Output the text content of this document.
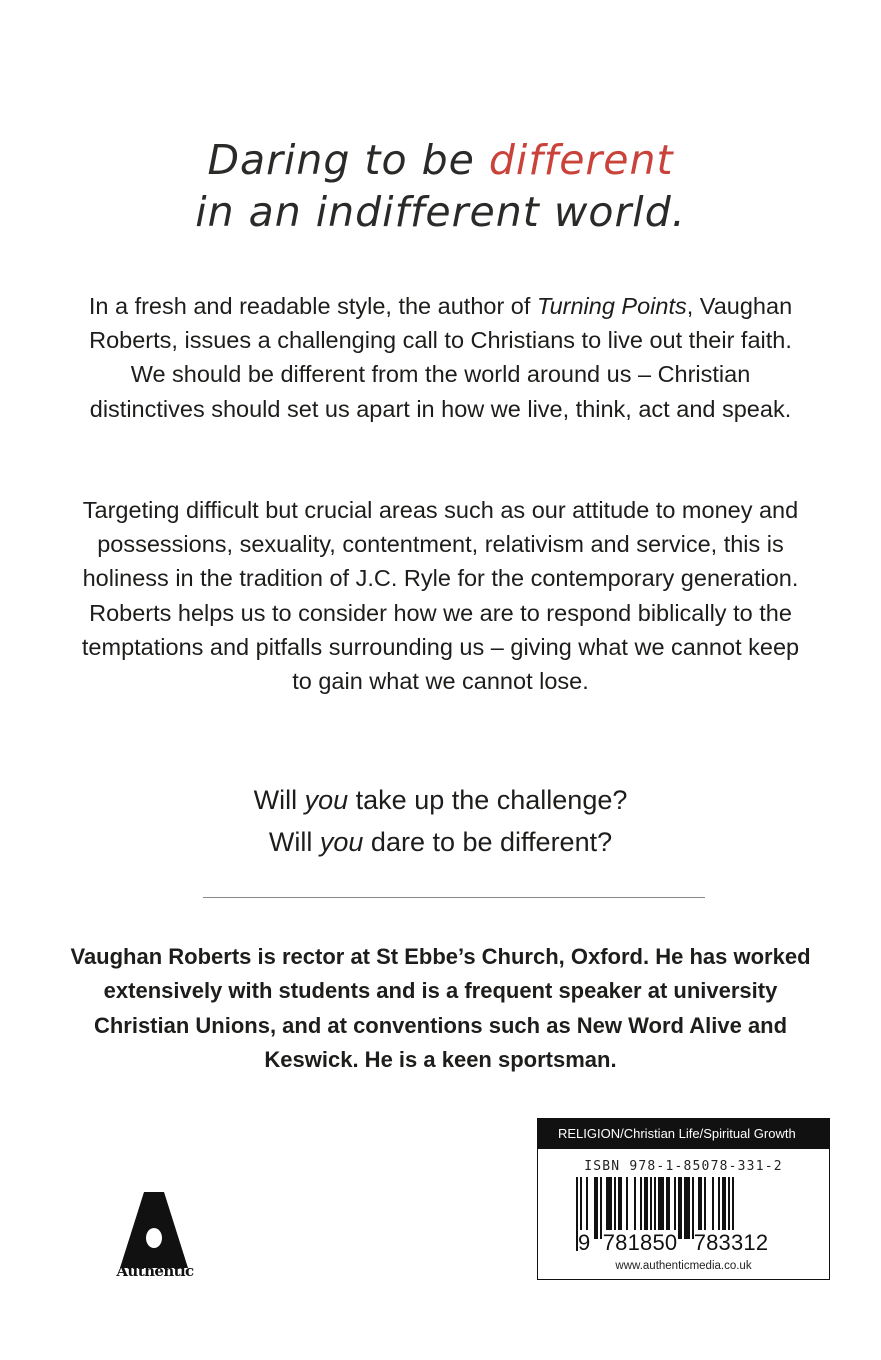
Daring to be different
in an indifferent world.
In a fresh and readable style, the author of Turning Points, Vaughan Roberts, issues a challenging call to Christians to live out their faith. We should be different from the world around us – Christian distinctives should set us apart in how we live, think, act and speak.
Targeting difficult but crucial areas such as our attitude to money and possessions, sexuality, contentment, relativism and service, this is holiness in the tradition of J.C. Ryle for the contemporary generation. Roberts helps us to consider how we are to respond biblically to the temptations and pitfalls surrounding us – giving what we cannot keep to gain what we cannot lose.
Will you take up the challenge?
Will you dare to be different?
Vaughan Roberts is rector at St Ebbe’s Church, Oxford. He has worked extensively with students and is a frequent speaker at university Christian Unions, and at conventions such as New Word Alive and Keswick. He is a keen sportsman.
Authentic
RELIGION/Christian Life/Spiritual Growth
ISBN 978-1-85078-331-2
9 781850 783312
www.authenticmedia.co.uk
